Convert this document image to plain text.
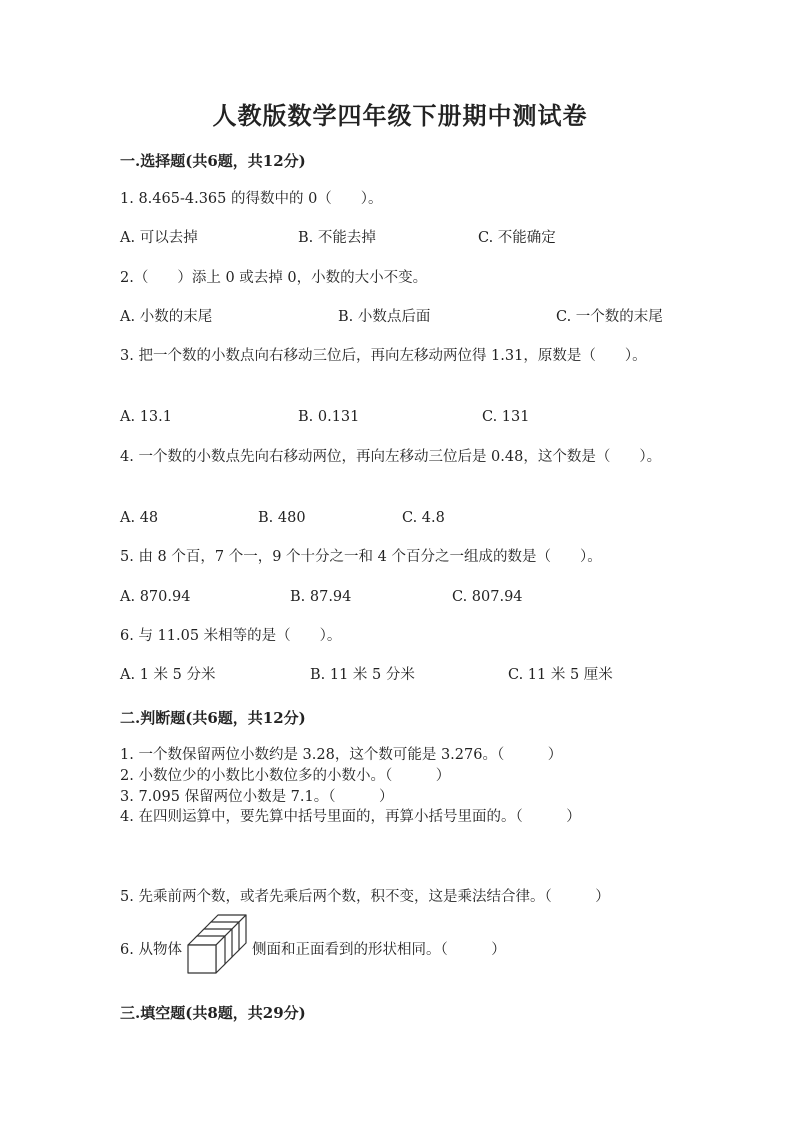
人教版数学四年级下册期中测试卷
一.选择题(共6题，共12分)
1. 8.465-4.365 的得数中的 0（　　）。
A. 可以去掉	B. 不能去掉	C. 不能确定
2.（　　）添上 0 或去掉 0，小数的大小不变。
A. 小数的末尾	B. 小数点后面	C. 一个数的末尾
3. 把一个数的小数点向右移动三位后，再向左移动两位得 1.31，原数是（　　）。
A. 13.1	B. 0.131	C. 131
4. 一个数的小数点先向右移动两位，再向左移动三位后是 0.48，这个数是（　　）。
A. 48	B. 480	C. 4.8
5. 由 8 个百，7 个一，9 个十分之一和 4 个百分之一组成的数是（　　）。
A. 870.94	B. 87.94	C. 807.94
6. 与 11.05 米相等的是（　　）。
A. 1 米 5 分米	B. 11 米 5 分米	C. 11 米 5 厘米
二.判断题(共6题，共12分)
1. 一个数保留两位小数约是 3.28，这个数可能是 3.276。（　　　）
2. 小数位少的小数比小数位多的小数小。（　　　）
3. 7.095 保留两位小数是 7.1。（　　　）
4. 在四则运算中，要先算中括号里面的，再算小括号里面的。（　　　）
5. 先乘前两个数，或者先乘后两个数，积不变，这是乘法结合律。（　　　）
6. 从物体	侧面和正面看到的形状相同。（　　　）
三.填空题(共8题，共29分)
